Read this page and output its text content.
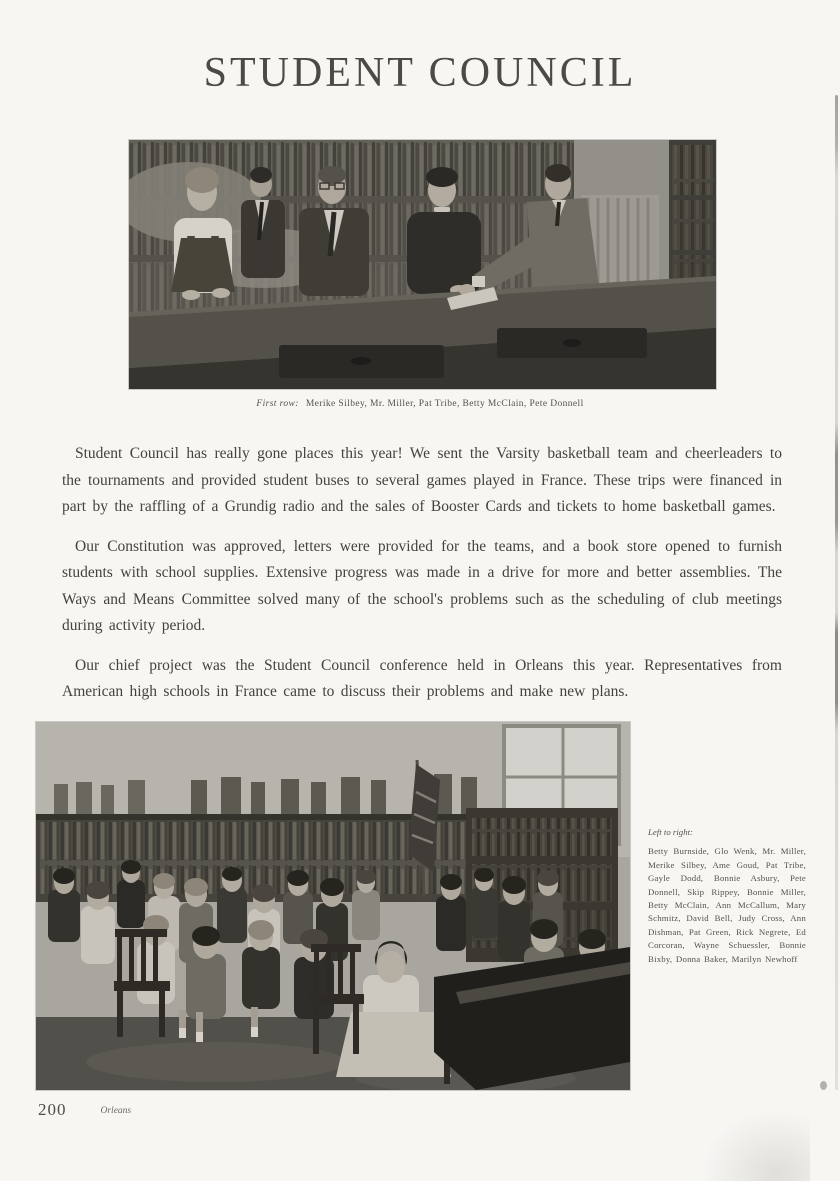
STUDENT COUNCIL
First row: Merike Silbey, Mr. Miller, Pat Tribe, Betty McClain, Pete Donnell

Student Council has really gone places this year! We sent the Varsity basketball team and cheerleaders to the tournaments and provided student buses to several games played in France. These trips were financed in part by the raffling of a Grundig radio and the sales of Booster Cards and tickets to home basketball games.

Our Constitution was approved, letters were provided for the teams, and a book store opened to furnish students with school supplies. Extensive progress was made in a drive for more and better assemblies. The Ways and Means Committee solved many of the school's problems such as the scheduling of club meetings during activity period.

Our chief project was the Student Council conference held in Orleans this year. Representatives from American high schools in France came to discuss their problems and make new plans.

Left to right:
Betty Burnside, Glo Wenk, Mr. Miller, Merike Silbey, Ame Goud, Pat Tribe, Gayle Dodd, Bonnie Asbury, Pete Donnell, Skip Rippey, Bonnie Miller, Betty McClain, Ann McCallum, Mary Schmitz, David Bell, Judy Cross, Ann Dishman, Pat Green, Rick Negrete, Ed Corcoran, Wayne Schuessler, Bonnie Bixby, Donna Baker, Marilyn Newhoff
200	Orleans
